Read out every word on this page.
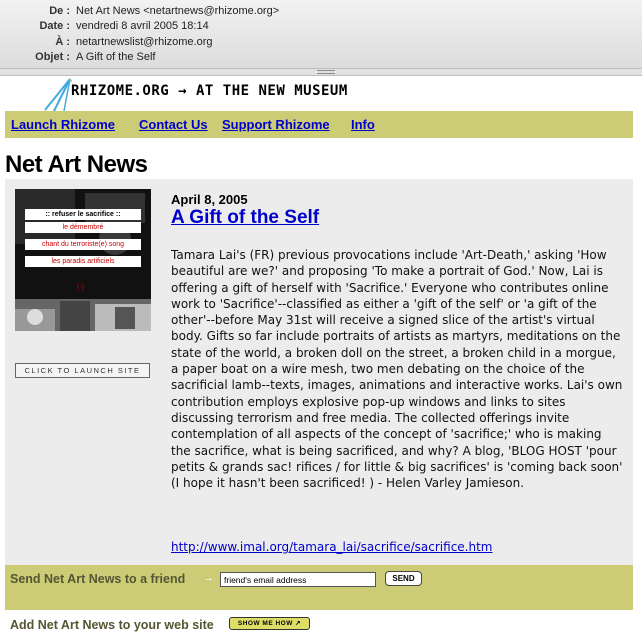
De : Net Art News <netartnews@rhizome.org>
Date : vendredi 8 avril 2005 18:14
À : netartnewslist@rhizome.org
Objet : A Gift of the Self
RHIZOME.ORG → AT THE NEW MUSEUM
Launch Rhizome Contact Us Support Rhizome Info
Net Art News
:: refuser le sacrifice ::
le démembré
chant du terroriste(e) song
les paradis artificiels
(-)
CLICK TO LAUNCH SITE
April 8, 2005
A Gift of the Self

Tamara Lai's (FR) previous provocations include 'Art-Death,' asking 'How beautiful are we?' and proposing 'To make a portrait of God.' Now, Lai is offering a gift of herself with 'Sacrifice.' Everyone who contributes online work to 'Sacrifice'--classified as either a 'gift of the self' or 'a gift of the other'--before May 31st will receive a signed slice of the artist's virtual body. Gifts so far include portraits of artists as martyrs, meditations on the state of the world, a broken doll on the street, a broken child in a morgue, a paper boat on a wire mesh, two men debating on the choice of the sacrificial lamb--texts, images, animations and interactive works. Lai's own contribution employs explosive pop-up windows and links to sites discussing terrorism and free media. The collected offerings invite contemplation of all aspects of the concept of 'sacrifice;' who is making the sacrifice, what is being sacrificed, and why? A blog, 'BLOG HOST 'pour petits & grands sac! rifices / for little & big sacrifices' is 'coming back soon' (I hope it hasn't been sacrificed! ) - Helen Varley Jamieson.

http://www.imal.org/tamara_lai/sacrifice/sacrifice.htm
Send Net Art News to a friend →
friend's email address	SEND
Add Net Art News to your web site	SHOW ME HOW ↗
